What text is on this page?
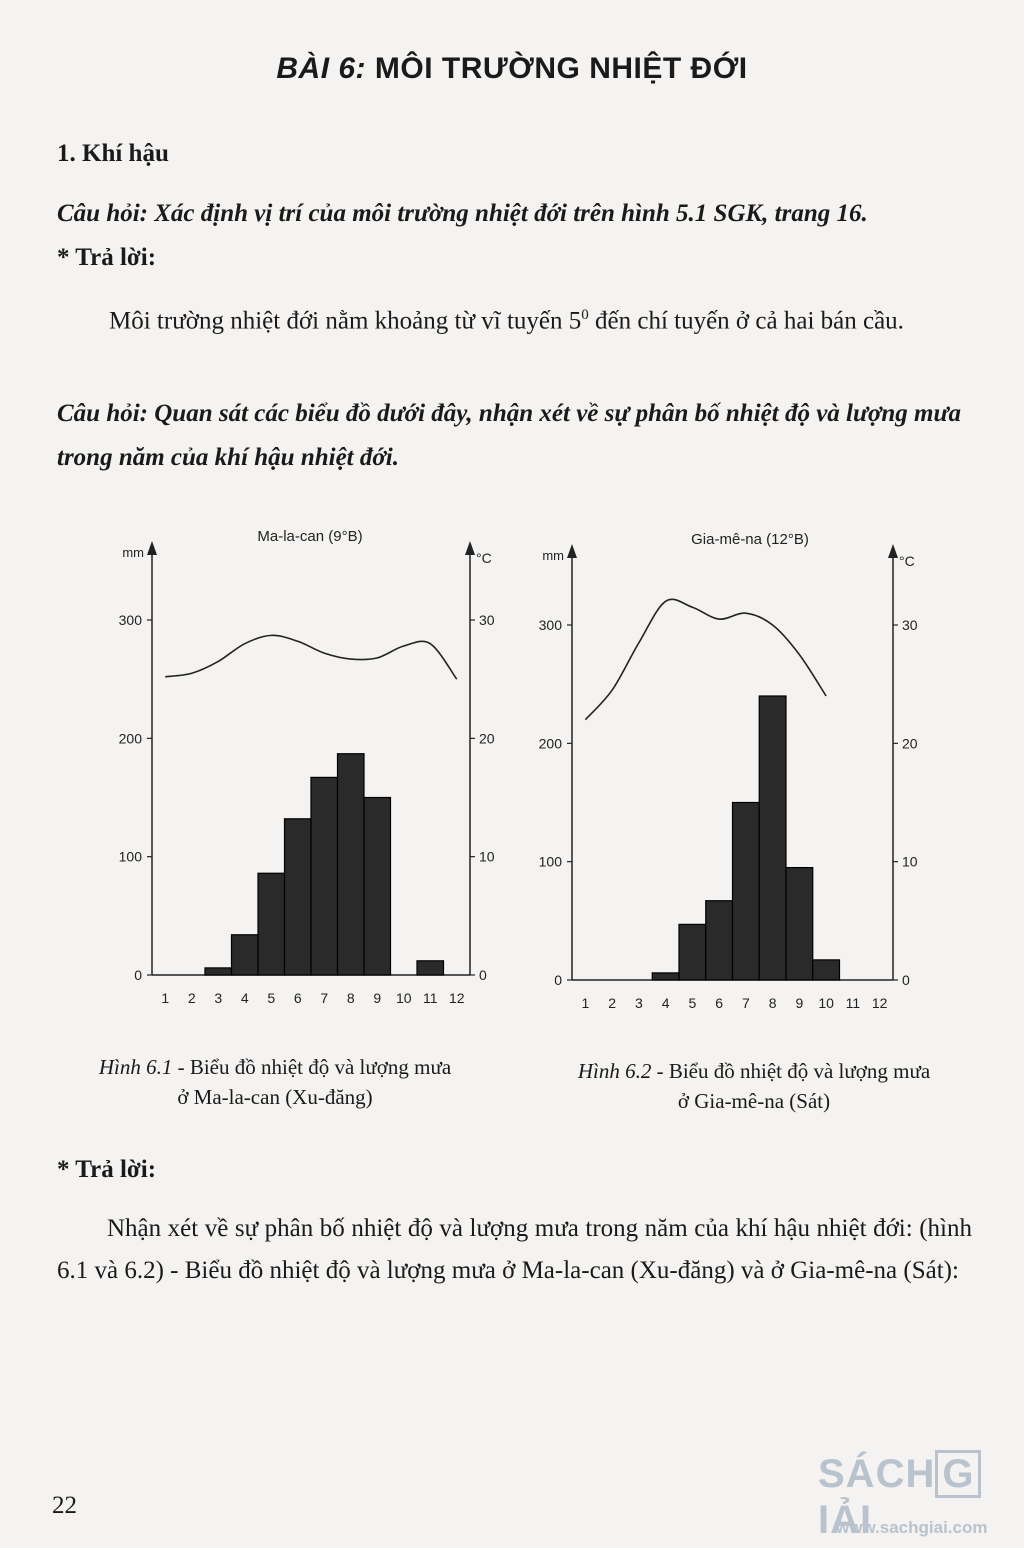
BÀI 6: MÔI TRƯỜNG NHIỆT ĐỚI
1. Khí hậu
Câu hỏi: Xác định vị trí của môi trường nhiệt đới trên hình 5.1 SGK, trang 16.
* Trả lời:
Môi trường nhiệt đới nằm khoảng từ vĩ tuyến $5^0$ đến chí tuyến ở cả hai bán cầu.
Câu hỏi: Quan sát các biểu đồ dưới đây, nhận xét về sự phân bố nhiệt độ và lượng mưa trong năm của khí hậu nhiệt đới.
Ma-la-can (9°B)
mm	°C
0
100
200
300
0
10
20
30
1 2 3 4 5 6 7 8 9 10 11 12
Gia-mê-na (12°B)
mm	°C
0
100
200
300
0
10
20
30
1 2 3 4 5 6 7 8 9 10 11 12
Hình 6.1 - Biểu đồ nhiệt độ và lượng mưa
ở Ma-la-can (Xu-đăng)
Hình 6.2 - Biểu đồ nhiệt độ và lượng mưa
ở Gia-mê-na (Sát)
* Trả lời:
Nhận xét về sự phân bố nhiệt độ và lượng mưa trong năm của khí hậu nhiệt đới: (hình 6.1 và 6.2) - Biểu đồ nhiệt độ và lượng mưa ở Ma-la-can (Xu-đăng) và ở Gia-mê-na (Sát):
22
SÁCH GIẢI
www.sachgiai.com
